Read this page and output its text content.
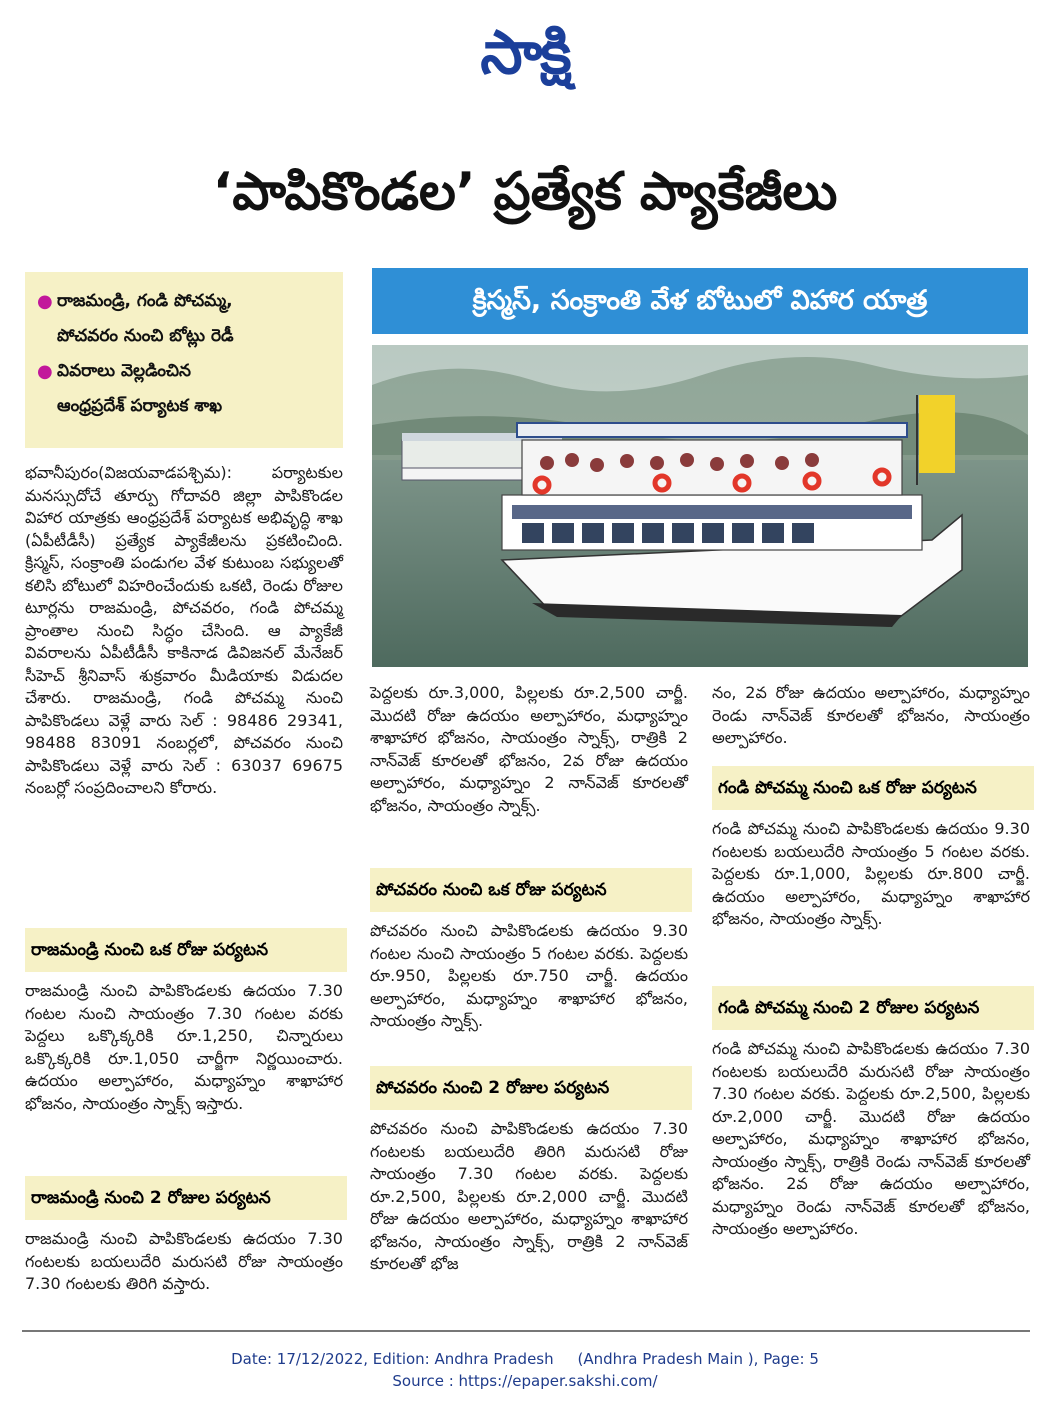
సాక్షి
‘పాపికొండల’ ప్రత్యేక ప్యాకేజీలు
● రాజమండ్రి, గండి పోచమ్మ,
పోచవరం నుంచి బోట్లు రెడీ
● వివరాలు వెల్లడించిన
ఆంధ్రప్రదేశ్ పర్యాటక శాఖ
క్రిస్మస్, సంక్రాంతి వేళ బోటులో విహార యాత్ర

భవానీపురం(విజయవాడపశ్చిమ): పర్యాటకుల మనస్సుదోచే తూర్పు గోదావరి జిల్లా పాపికొండల విహార యాత్రకు ఆంధ్రప్రదేశ్ పర్యాటక అభివృద్ధి శాఖ (ఏపీటీడీసీ) ప్రత్యేక ప్యాకేజీలను ప్రకటించింది. క్రిస్మస్, సంక్రాంతి పండుగల వేళ కుటుంబ సభ్యులతో కలిసి బోటులో విహరించేందుకు ఒకటి, రెండు రోజుల టూర్లను రాజమండ్రి, పోచవరం, గండి పోచమ్మ ప్రాంతాల నుంచి సిద్ధం చేసింది. ఆ ప్యాకేజీ వివరాలను ఏపీటీడీసీ కాకినాడ డివిజనల్ మేనేజర్ సీహెచ్ శ్రీనివాస్ శుక్రవారం మీడియాకు విడుదల చేశారు. రాజమండ్రి, గండి పోచమ్మ నుంచి పాపికొండలు వెళ్లే వారు సెల్ : 98486 29341, 98488 83091 నంబర్లలో, పోచవరం నుంచి పాపికొండలు వెళ్లే వారు సెల్ : 63037 69675 నంబర్లో సంప్రదించాలని కోరారు.

రాజమండ్రి నుంచి ఒక రోజు పర్యటన
రాజమండ్రి నుంచి పాపికొండలకు ఉదయం 7.30 గంటల నుంచి సాయంత్రం 7.30 గంటల వరకు పెద్దలు ఒక్కొక్కరికి రూ.1,250, చిన్నారులు ఒక్కొక్కరికి రూ.1,050 చార్జీగా నిర్ణయించారు. ఉదయం అల్పాహారం, మధ్యాహ్నం శాఖాహార భోజనం, సాయంత్రం స్నాక్స్ ఇస్తారు.
రాజమండ్రి నుంచి 2 రోజుల పర్యటన
రాజమండ్రి నుంచి పాపికొండలకు ఉదయం 7.30 గంటలకు బయలుదేరి మరుసటి రోజు సాయంత్రం 7.30 గంటలకు తిరిగి వస్తారు.
పెద్దలకు రూ.3,000, పిల్లలకు రూ.2,500 చార్జీ. మొదటి రోజు ఉదయం అల్పాహారం, మధ్యాహ్నం శాఖాహార భోజనం, సాయంత్రం స్నాక్స్, రాత్రికి 2 నాన్‌వెజ్ కూరలతో భోజనం, 2వ రోజు ఉదయం అల్పాహారం, మధ్యాహ్నం 2 నాన్‌వెజ్ కూరలతో భోజనం, సాయంత్రం స్నాక్స్.
పోచవరం నుంచి ఒక రోజు పర్యటన
పోచవరం నుంచి పాపికొండలకు ఉదయం 9.30 గంటల నుంచి సాయంత్రం 5 గంటల వరకు. పెద్దలకు రూ.950, పిల్లలకు రూ.750 చార్జీ. ఉదయం అల్పాహారం, మధ్యాహ్నం శాఖాహార భోజనం, సాయంత్రం స్నాక్స్.
పోచవరం నుంచి 2 రోజుల పర్యటన
పోచవరం నుంచి పాపికొండలకు ఉదయం 7.30 గంటలకు బయలుదేరి తిరిగి మరుసటి రోజు సాయంత్రం 7.30 గంటల వరకు. పెద్దలకు రూ.2,500, పిల్లలకు రూ.2,000 చార్జీ. మొదటి రోజు ఉదయం అల్పాహారం, మధ్యాహ్నం శాఖాహార భోజనం, సాయంత్రం స్నాక్స్, రాత్రికి 2 నాన్‌వెజ్ కూరలతో భోజ
నం, 2వ రోజు ఉదయం అల్పాహారం, మధ్యాహ్నం రెండు నాన్‌వెజ్ కూరలతో భోజనం, సాయంత్రం అల్పాహారం.
గండి పోచమ్మ నుంచి ఒక రోజు పర్యటన
గండి పోచమ్మ నుంచి పాపికొండలకు ఉదయం 9.30 గంటలకు బయలుదేరి సాయంత్రం 5 గంటల వరకు. పెద్దలకు రూ.1,000, పిల్లలకు రూ.800 చార్జీ. ఉదయం అల్పాహారం, మధ్యాహ్నం శాఖాహార భోజనం, సాయంత్రం స్నాక్స్.
గండి పోచమ్మ నుంచి 2 రోజుల పర్యటన
గండి పోచమ్మ నుంచి పాపికొండలకు ఉదయం 7.30 గంటలకు బయలుదేరి మరుసటి రోజు సాయంత్రం 7.30 గంటల వరకు. పెద్దలకు రూ.2,500, పిల్లలకు రూ.2,000 చార్జీ. మొదటి రోజు ఉదయం అల్పాహారం, మధ్యాహ్నం శాఖాహార భోజనం, సాయంత్రం స్నాక్స్, రాత్రికి రెండు నాన్‌వెజ్ కూరలతో భోజనం. 2వ రోజు ఉదయం అల్పాహారం, మధ్యాహ్నం రెండు నాన్‌వెజ్ కూరలతో భోజనం, సాయంత్రం అల్పాహారం.
Date: 17/12/2022, Edition: Andhra Pradesh     (Andhra Pradesh Main ), Page: 5
Source : https://epaper.sakshi.com/
